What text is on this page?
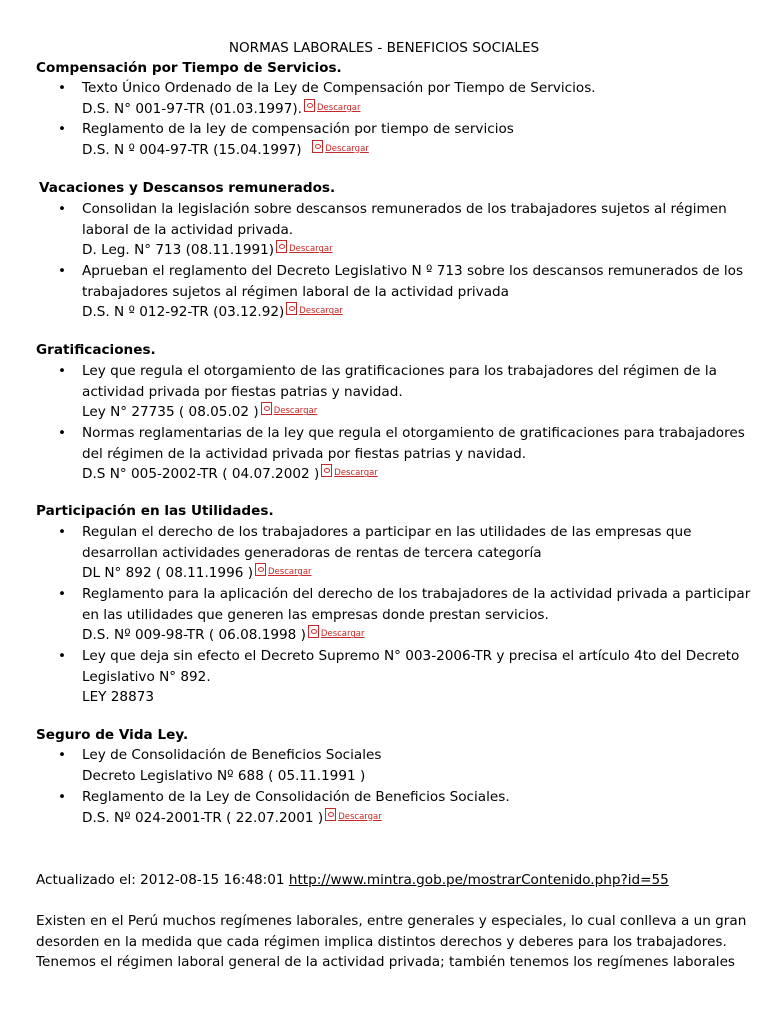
NORMAS LABORALES - BENEFICIOS SOCIALES
Compensación por Tiempo de Servicios.
• Texto Único Ordenado de la Ley de Compensación por Tiempo de Servicios.
D.S. N° 001-97-TR (01.03.1997). Descargar
• Reglamento de la ley de compensación por tiempo de servicios
D.S. N º 004-97-TR (15.04.1997)	Descargar
Vacaciones y Descansos remunerados.
• Consolidan la legislación sobre descansos remunerados de los trabajadores sujetos al régimen
laboral de la actividad privada.
D. Leg. N° 713 (08.11.1991) Descargar
• Aprueban el reglamento del Decreto Legislativo N º 713 sobre los descansos remunerados de los
trabajadores sujetos al régimen laboral de la actividad privada
D.S. N º 012-92-TR (03.12.92) Descargar
Gratificaciones.
• Ley que regula el otorgamiento de las gratificaciones para los trabajadores del régimen de la
actividad privada por fiestas patrias y navidad.
Ley N° 27735 ( 08.05.02 ) Descargar
• Normas reglamentarias de la ley que regula el otorgamiento de gratificaciones para trabajadores
del régimen de la actividad privada por fiestas patrias y navidad.
D.S N° 005-2002-TR ( 04.07.2002 ) Descargar
Participación en las Utilidades.
• Regulan el derecho de los trabajadores a participar en las utilidades de las empresas que
desarrollan actividades generadoras de rentas de tercera categoría
DL N° 892 ( 08.11.1996 ) Descargar
• Reglamento para la aplicación del derecho de los trabajadores de la actividad privada a participar
en las utilidades que generen las empresas donde prestan servicios.
D.S. Nº 009-98-TR ( 06.08.1998 ) Descargar
• Ley que deja sin efecto el Decreto Supremo N° 003-2006-TR y precisa el artículo 4to del Decreto
Legislativo N° 892.
LEY 28873
Seguro de Vida Ley.
• Ley de Consolidación de Beneficios Sociales
Decreto Legislativo Nº 688 ( 05.11.1991 )
• Reglamento de la Ley de Consolidación de Beneficios Sociales.
D.S. Nº 024-2001-TR ( 22.07.2001 ) Descargar
Actualizado el: 2012-08-15 16:48:01 http://www.mintra.gob.pe/mostrarContenido.php?id=55
Existen en el Perú muchos regímenes laborales, entre generales y especiales, lo cual conlleva a un gran
desorden en la medida que cada régimen implica distintos derechos y deberes para los trabajadores.
Tenemos el régimen laboral general de la actividad privada; también tenemos los regímenes laborales
